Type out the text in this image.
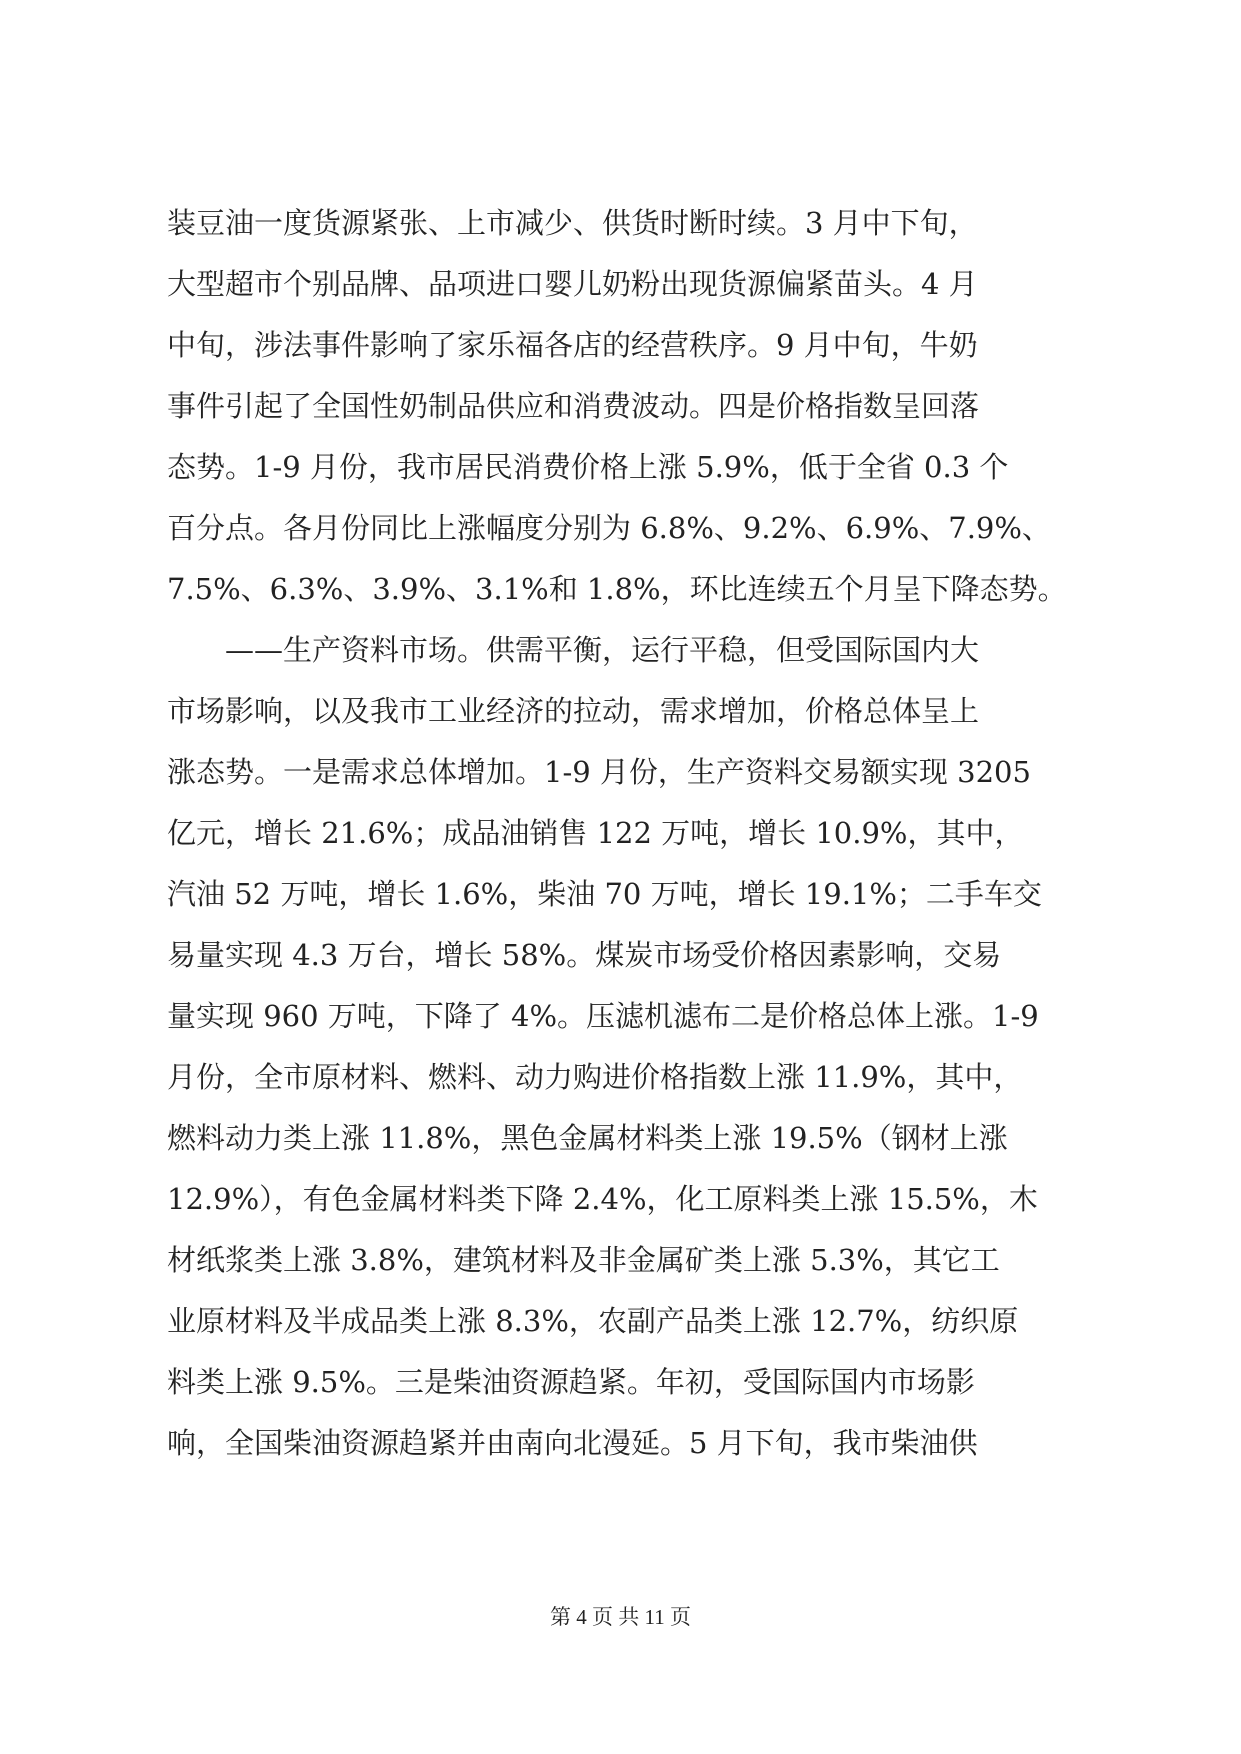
装豆油一度货源紧张、上市减少、供货时断时续。3 月中下旬，
大型超市个别品牌、品项进口婴儿奶粉出现货源偏紧苗头。4 月
中旬，涉法事件影响了家乐福各店的经营秩序。9 月中旬，牛奶
事件引起了全国性奶制品供应和消费波动。四是价格指数呈回落
态势。1-9 月份，我市居民消费价格上涨 5.9%，低于全省 0.3 个
百分点。各月份同比上涨幅度分别为 6.8%、9.2%、6.9%、7.9%、
7.5%、6.3%、3.9%、3.1%和 1.8%，环比连续五个月呈下降态势。
　　——生产资料市场。供需平衡，运行平稳，但受国际国内大
市场影响，以及我市工业经济的拉动，需求增加，价格总体呈上
涨态势。一是需求总体增加。1-9 月份，生产资料交易额实现 3205
亿元，增长 21.6%；成品油销售 122 万吨，增长 10.9%，其中，
汽油 52 万吨，增长 1.6%，柴油 70 万吨，增长 19.1%；二手车交
易量实现 4.3 万台，增长 58%。煤炭市场受价格因素影响，交易
量实现 960 万吨，下降了 4%。压滤机滤布二是价格总体上涨。1-9
月份，全市原材料、燃料、动力购进价格指数上涨 11.9%，其中，
燃料动力类上涨 11.8%，黑色金属材料类上涨 19.5%（钢材上涨
12.9%），有色金属材料类下降 2.4%，化工原料类上涨 15.5%，木
材纸浆类上涨 3.8%，建筑材料及非金属矿类上涨 5.3%，其它工
业原材料及半成品类上涨 8.3%，农副产品类上涨 12.7%，纺织原
料类上涨 9.5%。三是柴油资源趋紧。年初，受国际国内市场影
响，全国柴油资源趋紧并由南向北漫延。5 月下旬，我市柴油供
第 4 页 共 11 页
